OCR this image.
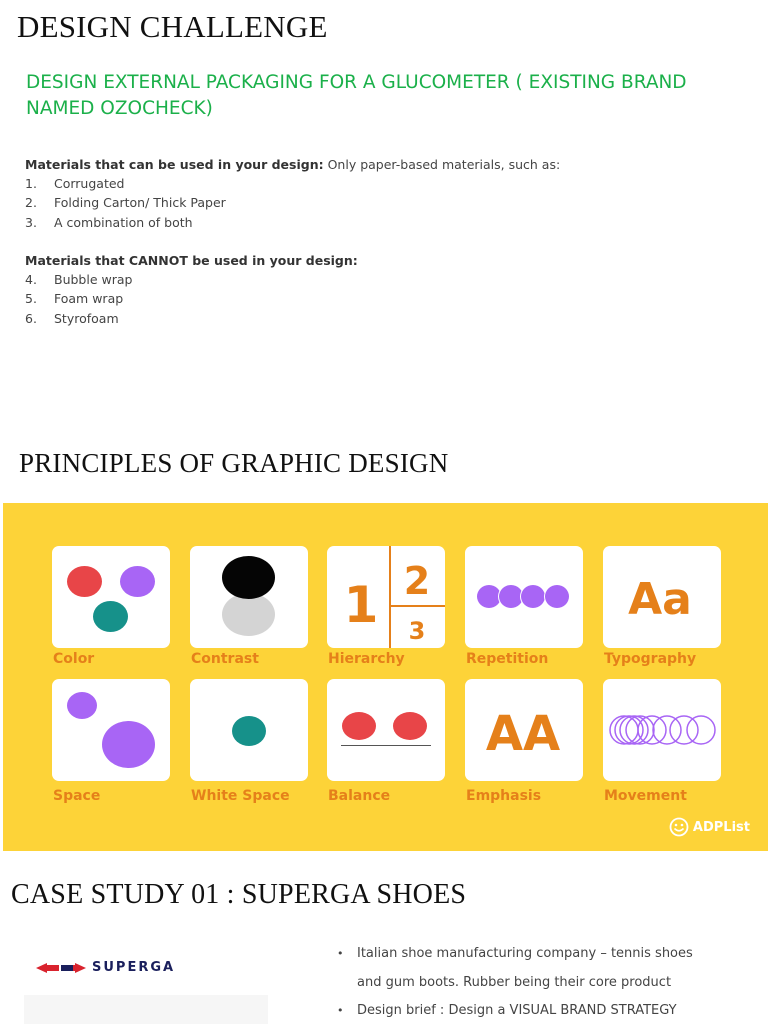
DESIGN CHALLENGE
DESIGN EXTERNAL PACKAGING FOR A GLUCOMETER ( EXISTING BRAND
NAMED OZOCHECK)
Materials that can be used in your design: Only paper-based materials, such as:
1.	Corrugated
2.	Folding Carton/ Thick Paper
3.	A combination of both
Materials that CANNOT be used in your design:
4.	Bubble wrap
5.	Foam wrap
6.	Styrofoam
PRINCIPLES OF GRAPHIC DESIGN
Color	Contrast
1 2
3
Hierarchy	Repetition
Aa
Typography
Space	White Space	Balance
AA
Emphasis	Movement
ADPList
CASE STUDY 01 : SUPERGA SHOES
SUPERGA
•	Italian shoe manufacturing company – tennis shoes
and gum boots. Rubber being their core product
•	Design brief : Design a VISUAL BRAND STRATEGY
